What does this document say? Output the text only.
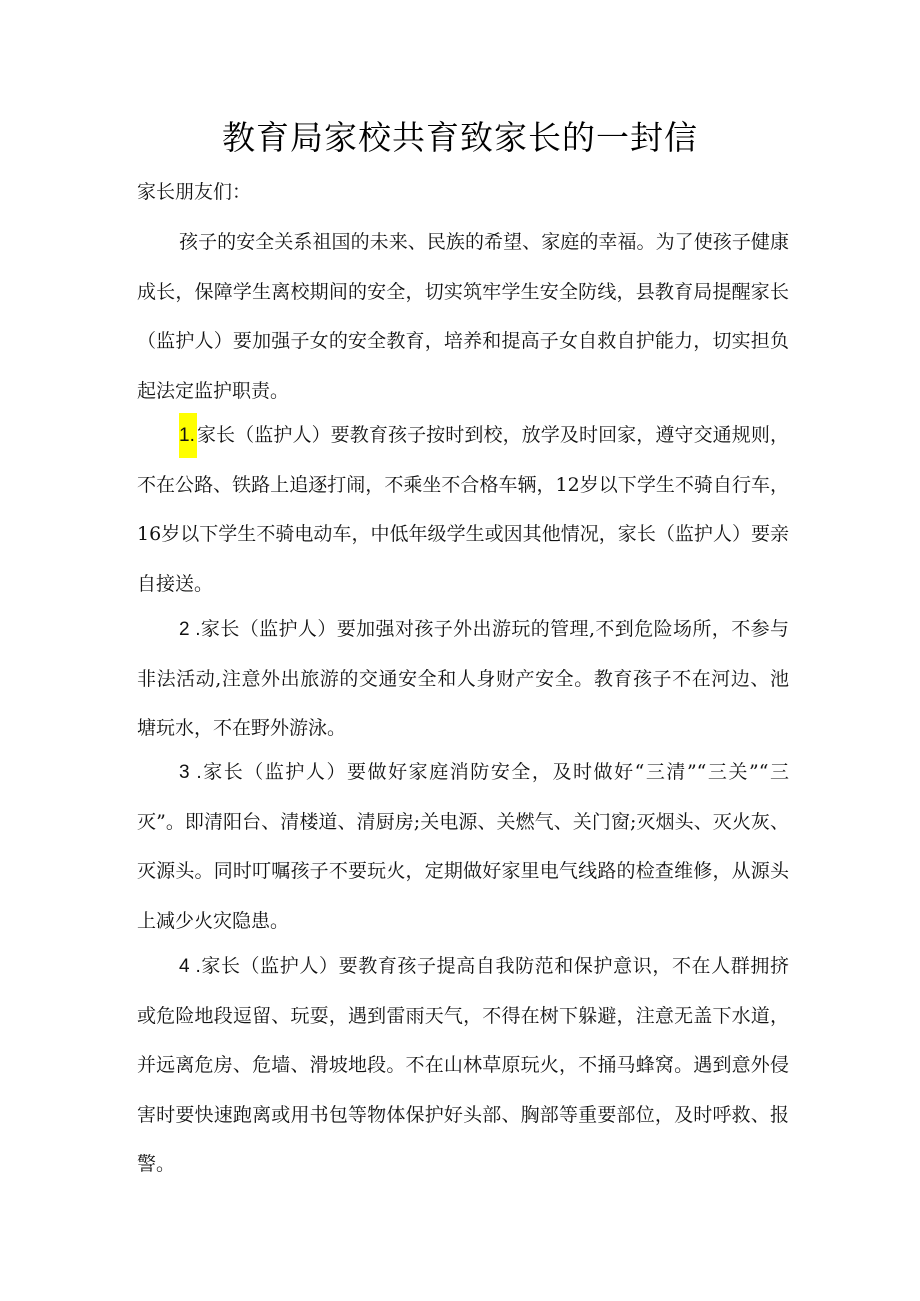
教育局家校共育致家长的一封信
家长朋友们：
孩子的安全关系祖国的未来、民族的希望、家庭的幸福。为了使孩子健康成长，保障学生离校期间的安全，切实筑牢学生安全防线，县教育局提醒家长（监护人）要加强子女的安全教育，培养和提高子女自救自护能力，切实担负起法定监护职责。
1. 家长（监护人）要教育孩子按时到校，放学及时回家，遵守交通规则，不在公路、铁路上追逐打闹，不乘坐不合格车辆，12岁以下学生不骑自行车，16岁以下学生不骑电动车，中低年级学生或因其他情况，家长（监护人）要亲自接送。
2 .家长（监护人）要加强对孩子外出游玩的管理,不到危险场所，不参与非法活动,注意外出旅游的交通安全和人身财产安全。教育孩子不在河边、池塘玩水，不在野外游泳。
3 .家长（监护人）要做好家庭消防安全，及时做好“三清”“三关”“三灭”。即清阳台、清楼道、清厨房;关电源、关燃气、关门窗;灭烟头、灭火灰、灭源头。同时叮嘱孩子不要玩火，定期做好家里电气线路的检查维修，从源头上减少火灾隐患。
4 .家长（监护人）要教育孩子提高自我防范和保护意识，不在人群拥挤或危险地段逗留、玩耍，遇到雷雨天气，不得在树下躲避，注意无盖下水道，并远离危房、危墙、滑坡地段。不在山林草原玩火，不捅马蜂窝。遇到意外侵害时要快速跑离或用书包等物体保护好头部、胸部等重要部位，及时呼救、报警。
